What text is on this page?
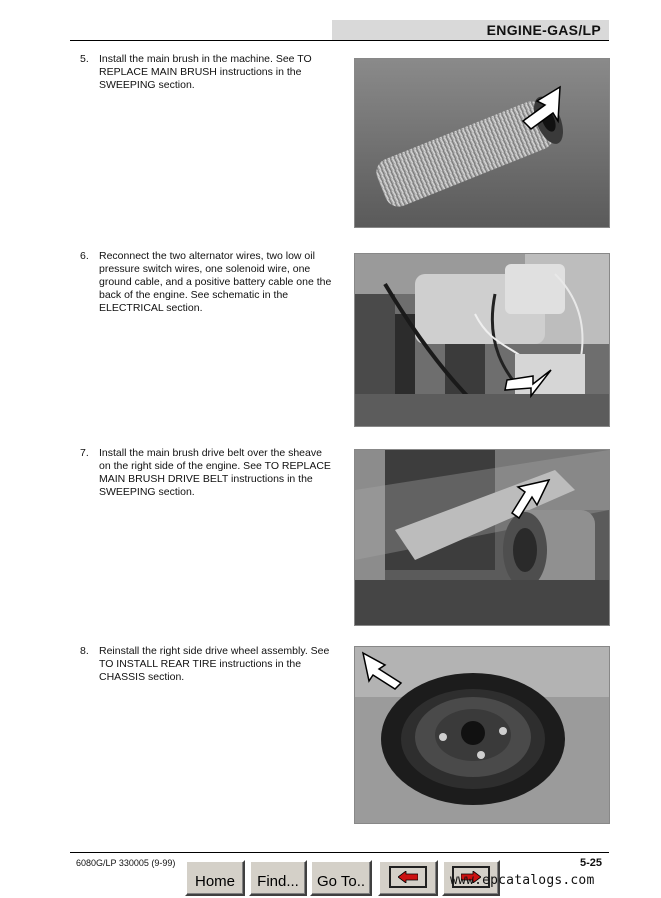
ENGINE-GAS/LP
5. Install the main brush in the machine. See TO REPLACE MAIN BRUSH instructions in the SWEEPING section.
6. Reconnect the two alternator wires, two low oil pressure switch wires, one solenoid wire, one ground cable, and a positive battery cable one the back of the engine. See schematic in the ELECTRICAL section.
7. Install the main brush drive belt over the sheave on the right side of the engine. See TO REPLACE MAIN BRUSH DRIVE BELT instructions in the SWEEPING section.
8. Reinstall the right side drive wheel assembly. See TO INSTALL REAR TIRE instructions in the CHASSIS section.
6080G/LP 330005 (9-99)	5-25
Home Find... Go To..	www.epcatalogs.com
